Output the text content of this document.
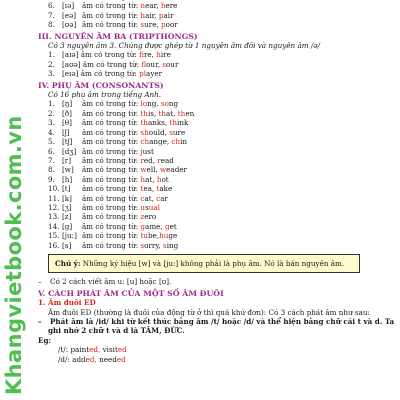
Khangvietbook.com.vn
6. [ɪə] âm có trong từ: near, here
7. [eə] âm có trong từ: hair, pair
8. [ʊə] âm có trong từ: sure, poor
III. NGUYÊN ÂM BA (TRIPTHONGS)
Có 3 nguyên âm 3. Chúng được ghép từ 1 nguyên âm đôi và nguyên âm /ə/
1. [aɪə] âm có trong từ: fire, hire
2. [aʊə] âm có trong từ: flour, sour
3. [eɪə] âm có trong từ: player
IV. PHỤ ÂM (CONSONANTS)
Có 16 phụ âm trong tiếng Anh.
1. [ŋ] âm có trong từ: long, song
2. [ð] âm có trong từ: this, that, then
3. [θ] âm có trong từ: thanks, think
4. [ʃ] âm có trong từ: should, sure
5. [tʃ] âm có trong từ: change, chin
6. [dʒ] âm có trong từ: just
7. [r] âm có trong từ: red, read
8. [w] âm có trong từ: well, weader
9. [h] âm có trong từ: hat, hot
10. [t] âm có trong từ: tea, take
11. [k] âm có trong từ: cat, car
12. [ʒ] âm có trong từ: usual
13. [z] âm có trong từ: zero
14. [g] âm có trong từ: game, get
15. [ju:] âm có trong từ: tube,huge
16. [s] âm có trong từ: sorry, sing
Chú ý: Những ký hiệu [w] và [ju:] không phải là phụ âm. Nó là bán nguyên âm.
– Có 2 cách viết âm u: [u] hoặc [ʊ].
V. CÁCH PHÁT ÂM CỦA MỘT SỐ ÂM ĐUÔI
1. Âm đuôi ED
Âm đuôi ED (thường là đuôi của động từ ở thì quá khứ đơn): Có 3 cách phát âm như sau:
– Phát âm là /id/ khi từ kết thúc bằng âm /t/ hoặc /d/ và thể hiện bằng chữ cái t và d. Ta
ghi nhớ 2 chữ t và d là TÂM, ĐỨC.
Eg:
/t/: painted, visited
/d/: added, needed
